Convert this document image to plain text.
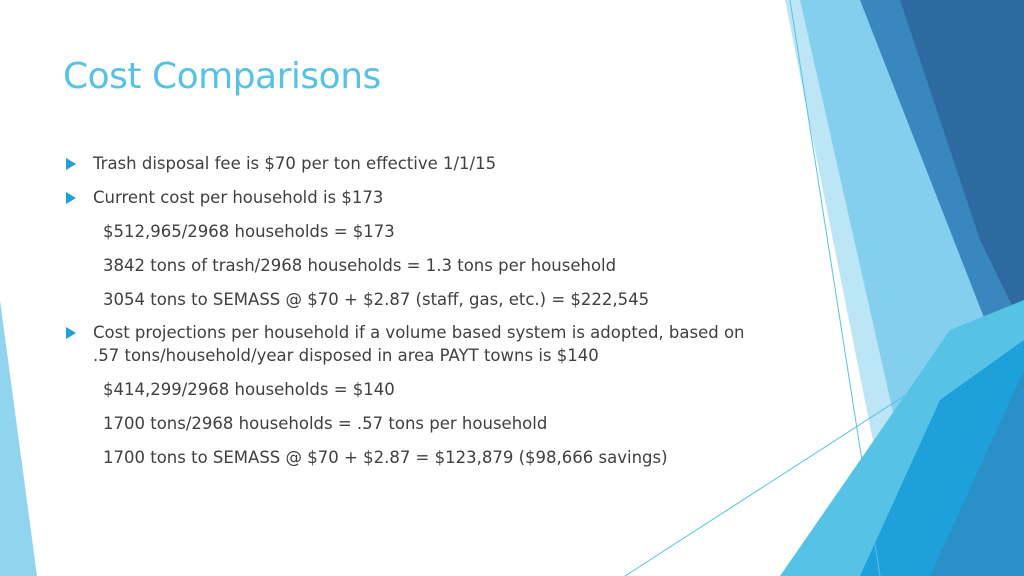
Cost Comparisons
Trash disposal fee is $70 per ton effective 1/1/15
Current cost per household is $173
$512,965/2968 households = $173
3842 tons of trash/2968 households = 1.3 tons per household
3054 tons to SEMASS @ $70 + $2.87 (staff, gas, etc.) = $222,545
Cost projections per household if a volume based system is adopted, based on
.57 tons/household/year disposed in area PAYT towns is $140
$414,299/2968 households = $140
1700 tons/2968 households = .57 tons per household
1700 tons to SEMASS @ $70 + $2.87 = $123,879 ($98,666 savings)
